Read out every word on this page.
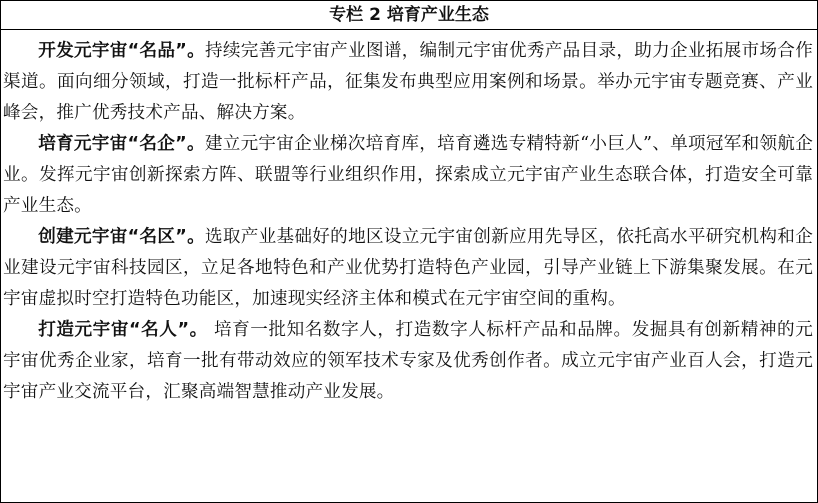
专栏 2 培育产业生态

开发元宇宙“名品”。持续完善元宇宙产业图谱，编制元宇宙优秀产品目录，助力企业拓展市场合作渠道。面向细分领域，打造一批标杆产品，征集发布典型应用案例和场景。举办元宇宙专题竞赛、产业峰会，推广优秀技术产品、解决方案。

培育元宇宙“名企”。建立元宇宙企业梯次培育库，培育遴选专精特新“小巨人”、单项冠军和领航企业。发挥元宇宙创新探索方阵、联盟等行业组织作用，探索成立元宇宙产业生态联合体，打造安全可靠产业生态。

创建元宇宙“名区”。选取产业基础好的地区设立元宇宙创新应用先导区，依托高水平研究机构和企业建设元宇宙科技园区，立足各地特色和产业优势打造特色产业园，引导产业链上下游集聚发展。在元宇宙虚拟时空打造特色功能区，加速现实经济主体和模式在元宇宙空间的重构。

打造元宇宙“名人”。 培育一批知名数字人，打造数字人标杆产品和品牌。发掘具有创新精神的元宇宙优秀企业家，培育一批有带动效应的领军技术专家及优秀创作者。成立元宇宙产业百人会，打造元宇宙产业交流平台，汇聚高端智慧推动产业发展。
